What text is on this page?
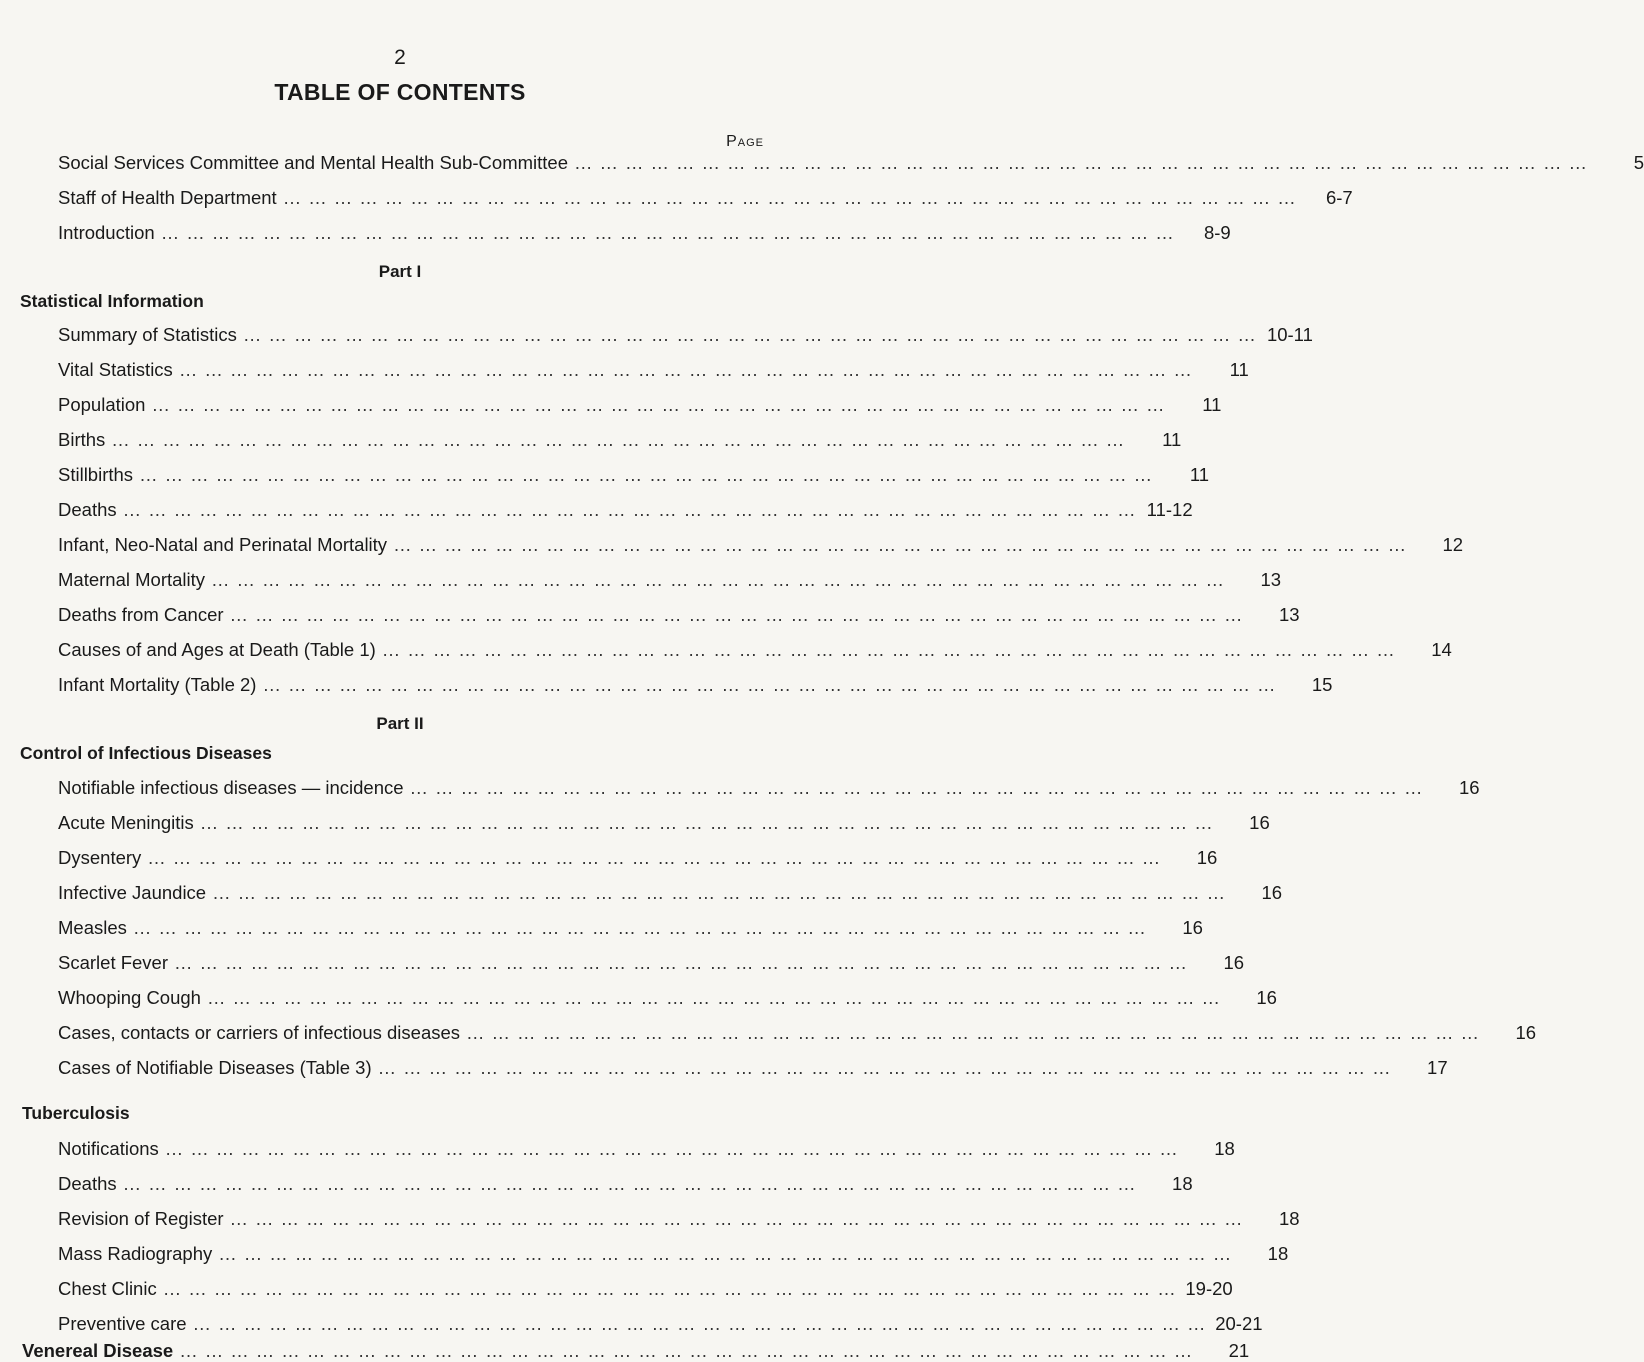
2
TABLE OF CONTENTS
Page
Social Services Committee and Mental Health Sub-Committee …………………………………………………………………………………………………………	5
Staff of Health Department …………………………………………………………………………………………………………	6-7
Introduction …………………………………………………………………………………………………………	8-9
Part I
Statistical Information
Summary of Statistics ………………………………………………………………………………………………………… 10-11
Vital Statistics …………………………………………………………………………………………………………	11
Population …………………………………………………………………………………………………………	11
Births …………………………………………………………………………………………………………	11
Stillbirths …………………………………………………………………………………………………………	11
Deaths ………………………………………………………………………………………………………… 11-12
Infant, Neo-Natal and Perinatal Mortality …………………………………………………………………………………………………………	12
Maternal Mortality …………………………………………………………………………………………………………	13
Deaths from Cancer …………………………………………………………………………………………………………	13
Causes of and Ages at Death (Table 1) …………………………………………………………………………………………………………	14
Infant Mortality (Table 2) …………………………………………………………………………………………………………	15
Part II
Control of Infectious Diseases
Notifiable infectious diseases — incidence …………………………………………………………………………………………………………	16
Acute Meningitis …………………………………………………………………………………………………………	16
Dysentery …………………………………………………………………………………………………………	16
Infective Jaundice …………………………………………………………………………………………………………	16
Measles …………………………………………………………………………………………………………	16
Scarlet Fever …………………………………………………………………………………………………………	16
Whooping Cough …………………………………………………………………………………………………………	16
Cases, contacts or carriers of infectious diseases …………………………………………………………………………………………………………	16
Cases of Notifiable Diseases (Table 3) …………………………………………………………………………………………………………	17
Tuberculosis
Notifications …………………………………………………………………………………………………………	18
Deaths …………………………………………………………………………………………………………	18
Revision of Register …………………………………………………………………………………………………………	18
Mass Radiography …………………………………………………………………………………………………………	18
Chest Clinic ………………………………………………………………………………………………………… 19-20
Preventive care ………………………………………………………………………………………………………… 20-21
Venereal Disease …………………………………………………………………………………………………………	21
